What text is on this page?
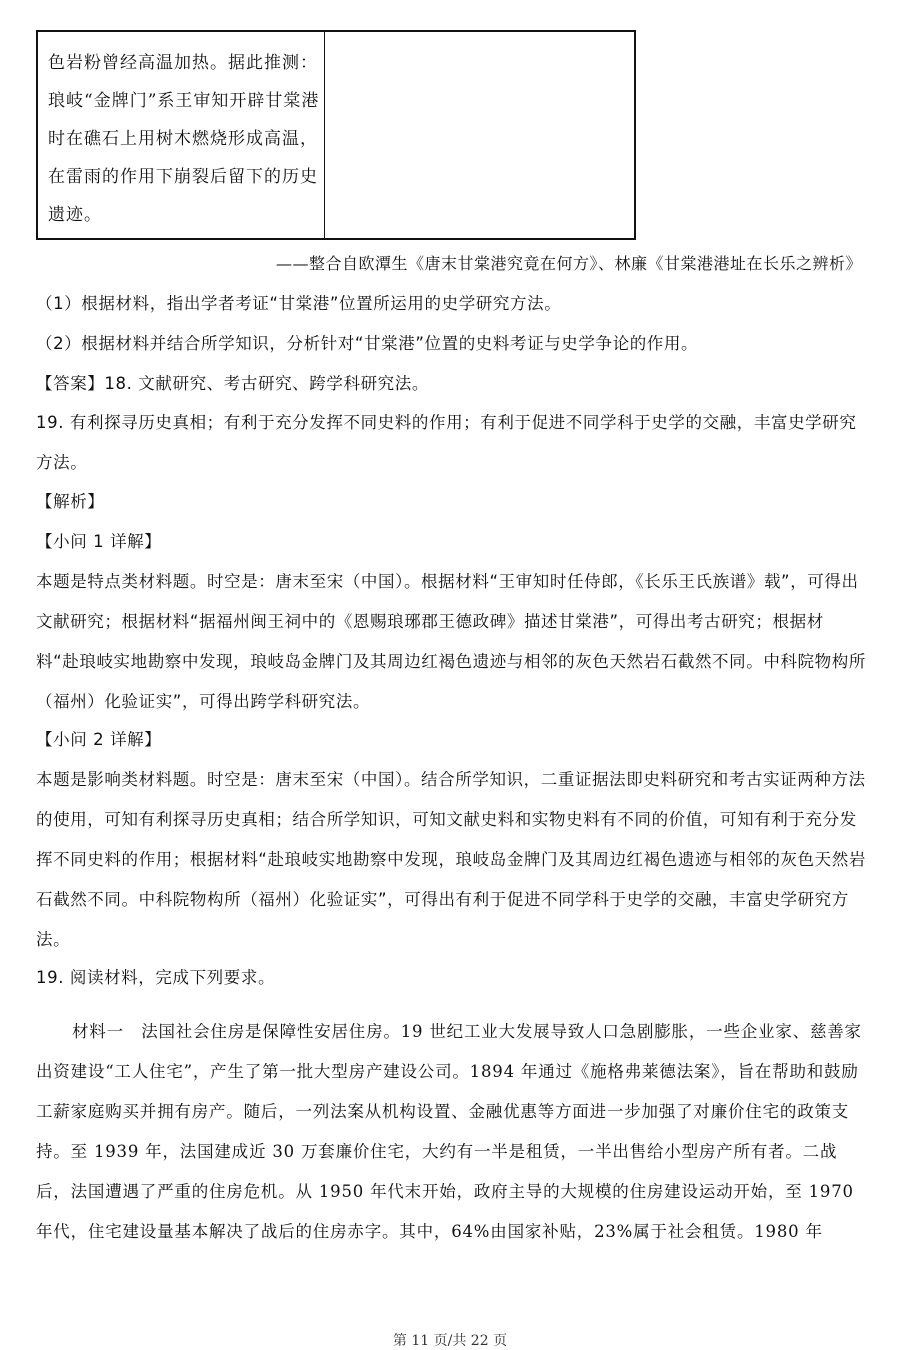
色岩粉曾经高温加热。据此推测：琅岐“金牌门”系王审知开辟甘棠港时在礁石上用树木燃烧形成高温，在雷雨的作用下崩裂后留下的历史遗迹。
——整合自欧潭生《唐末甘棠港究竟在何方》、林廉《甘棠港港址在长乐之辨析》
（1）根据材料，指出学者考证“甘棠港”位置所运用的史学研究方法。
（2）根据材料并结合所学知识，分析针对“甘棠港”位置的史料考证与史学争论的作用。
【答案】18. 文献研究、考古研究、跨学科研究法。
19. 有利探寻历史真相；有利于充分发挥不同史料的作用；有利于促进不同学科于史学的交融，丰富史学研究方法。
【解析】
【小问 1 详解】
本题是特点类材料题。时空是：唐末至宋（中国）。根据材料“王审知时任侍郎，《长乐王氏族谱》载”，可得出文献研究；根据材料“据福州闽王祠中的《恩赐琅琊郡王德政碑》描述甘棠港”，可得出考古研究；根据材料“赴琅岐实地勘察中发现，琅岐岛金牌门及其周边红褐色遗迹与相邻的灰色天然岩石截然不同。中科院物构所（福州）化验证实”，可得出跨学科研究法。
【小问 2 详解】
本题是影响类材料题。时空是：唐末至宋（中国）。结合所学知识，二重证据法即史料研究和考古实证两种方法的使用，可知有利探寻历史真相；结合所学知识，可知文献史料和实物史料有不同的价值，可知有利于充分发挥不同史料的作用；根据材料“赴琅岐实地勘察中发现，琅岐岛金牌门及其周边红褐色遗迹与相邻的灰色天然岩石截然不同。中科院物构所（福州）化验证实”，可得出有利于促进不同学科于史学的交融，丰富史学研究方法。
19. 阅读材料，完成下列要求。
材料一　法国社会住房是保障性安居住房。19 世纪工业大发展导致人口急剧膨胀，一些企业家、慈善家出资建设“工人住宅”，产生了第一批大型房产建设公司。1894 年通过《施格弗莱德法案》，旨在帮助和鼓励工薪家庭购买并拥有房产。随后，一列法案从机构设置、金融优惠等方面进一步加强了对廉价住宅的政策支持。至 1939 年，法国建成近 30 万套廉价住宅，大约有一半是租赁，一半出售给小型房产所有者。二战后，法国遭遇了严重的住房危机。从 1950 年代末开始，政府主导的大规模的住房建设运动开始，至 1970 年代，住宅建设量基本解决了战后的住房赤字。其中，64%由国家补贴，23%属于社会租赁。1980 年
第 11 页/共 22 页
